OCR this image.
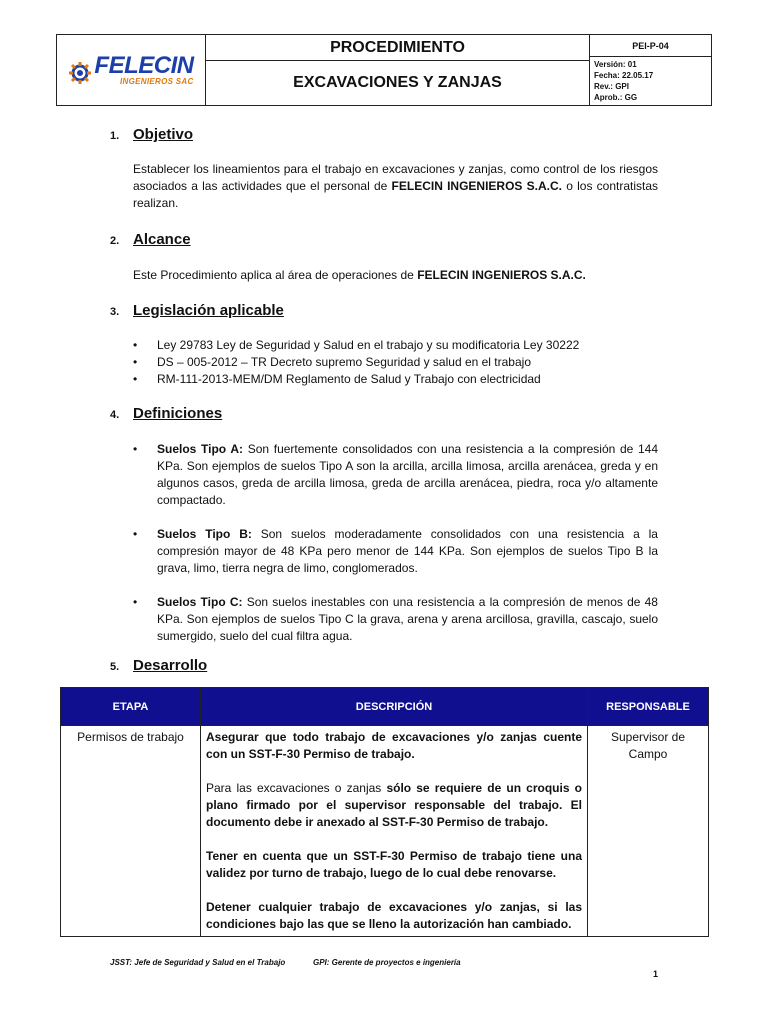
FELECIN
INGENIEROS SAC
PROCEDIMIENTO
EXCAVACIONES Y ZANJAS
PEI-P-04
Versión: 01
Fecha: 22.05.17
Rev.: GPI
Aprob.: GG
1. Objetivo
Establecer los lineamientos para el trabajo en excavaciones y zanjas, como control de los riesgos asociados a las actividades que el personal de FELECIN INGENIEROS S.A.C. o los contratistas realizan.
2. Alcance
Este Procedimiento aplica al área de operaciones de FELECIN INGENIEROS S.A.C.
3. Legislación aplicable
• Ley 29783 Ley de Seguridad y Salud en el trabajo y su modificatoria Ley 30222
• DS – 005-2012 – TR Decreto supremo Seguridad y salud en el trabajo
• RM-111-2013-MEM/DM Reglamento de Salud y Trabajo con electricidad
4. Definiciones
• Suelos Tipo A: Son fuertemente consolidados con una resistencia a la compresión de 144 KPa. Son ejemplos de suelos Tipo A son la arcilla, arcilla limosa, arcilla arenácea, greda y en algunos casos, greda de arcilla limosa, greda de arcilla arenácea, piedra, roca y/o altamente compactado.
• Suelos Tipo B: Son suelos moderadamente consolidados con una resistencia a la compresión mayor de 48 KPa pero menor de 144 KPa. Son ejemplos de suelos Tipo B la grava, limo, tierra negra de limo, conglomerados.
• Suelos Tipo C: Son suelos inestables con una resistencia a la compresión de menos de 48 KPa. Son ejemplos de suelos Tipo C la grava, arena y arena arcillosa, gravilla, cascajo, suelo sumergido, suelo del cual filtra agua.
5. Desarrollo
ETAPA	DESCRIPCIÓN	RESPONSABLE
Permisos de trabajo	Asegurar que todo trabajo de excavaciones y/o zanjas cuente con un SST-F-30 Permiso de trabajo.

Para las excavaciones o zanjas sólo se requiere de un croquis o plano firmado por el supervisor responsable del trabajo. El documento debe ir anexado al SST-F-30 Permiso de trabajo.

Tener en cuenta que un SST-F-30 Permiso de trabajo tiene una validez por turno de trabajo, luego de lo cual debe renovarse.

Detener cualquier trabajo de excavaciones y/o zanjas, si las condiciones bajo las que se lleno la autorización han cambiado.	Supervisor de Campo
JSST: Jefe de Seguridad y Salud en el Trabajo	GPI: Gerente de proyectos e ingeniería
1
